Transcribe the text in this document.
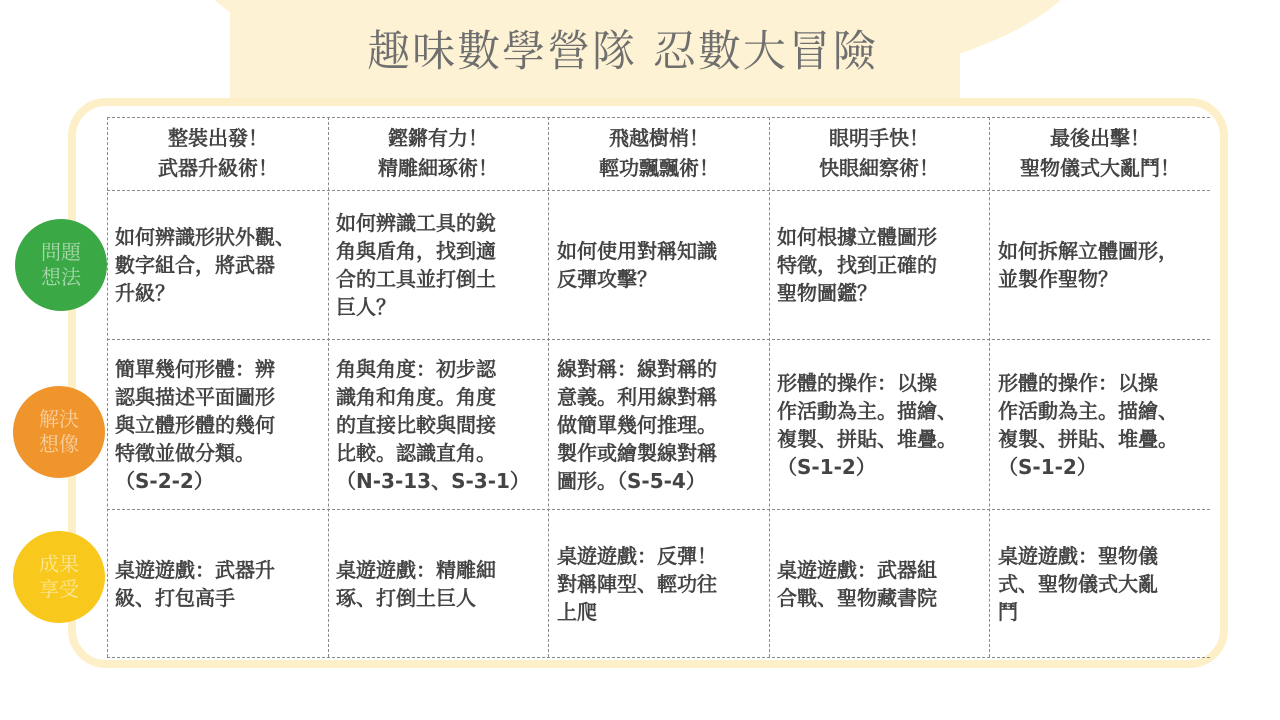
趣味數學營隊 忍數大冒險
問題
想法
解決
想像
成果
享受
整裝出發！
武器升級術！
鏗鏘有力！
精雕細琢術！
飛越樹梢！
輕功飄飄術！
眼明手快！
快眼細察術！
最後出擊！
聖物儀式大亂鬥！
如何辨識形狀外觀、
數字組合，將武器
升級？
如何辨識工具的銳
角與盾角，找到適
合的工具並打倒土
巨人？
如何使用對稱知識
反彈攻擊？
如何根據立體圖形
特徵，找到正確的
聖物圖鑑？
如何拆解立體圖形，
並製作聖物？
簡單幾何形體：辨
認與描述平面圖形
與立體形體的幾何
特徵並做分類。
（S-2-2）
角與角度：初步認
識角和角度。角度
的直接比較與間接
比較。認識直角。
（N-3-13、S-3-1）
線對稱：線對稱的
意義。利用線對稱
做簡單幾何推理。
製作或繪製線對稱
圖形。（S-5-4）
形體的操作：以操
作活動為主。描繪、
複製、拼貼、堆疊。
（S-1-2）
形體的操作：以操
作活動為主。描繪、
複製、拼貼、堆疊。
（S-1-2）
桌遊遊戲：武器升
級、打包高手
桌遊遊戲：精雕細
琢、打倒土巨人
桌遊遊戲：反彈！
對稱陣型、輕功往
上爬
桌遊遊戲：武器組
合戰、聖物藏書院
桌遊遊戲：聖物儀
式、聖物儀式大亂
鬥
